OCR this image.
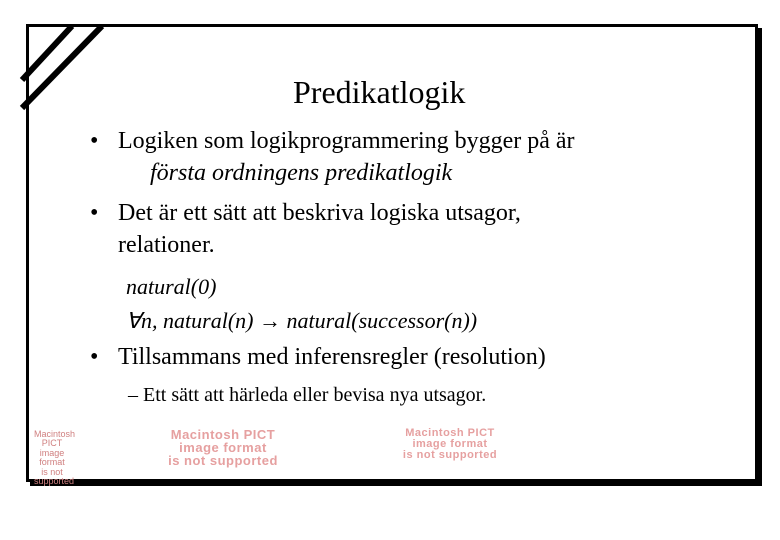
Predikatlogik
• Logiken som logikprogrammering bygger på är
första ordningens predikatlogik
• Det är ett sätt att beskriva logiska utsagor,
relationer.
natural(0)
∀n, natural(n) → natural(successor(n))
• Tillsammans med inferensregler (resolution)
– Ett sätt att härleda eller bevisa nya utsagor.
Macintosh PICT
image format
is not supported
Macintosh PICT
image format
is not supported
Macintosh PICT
image format
is not supported
